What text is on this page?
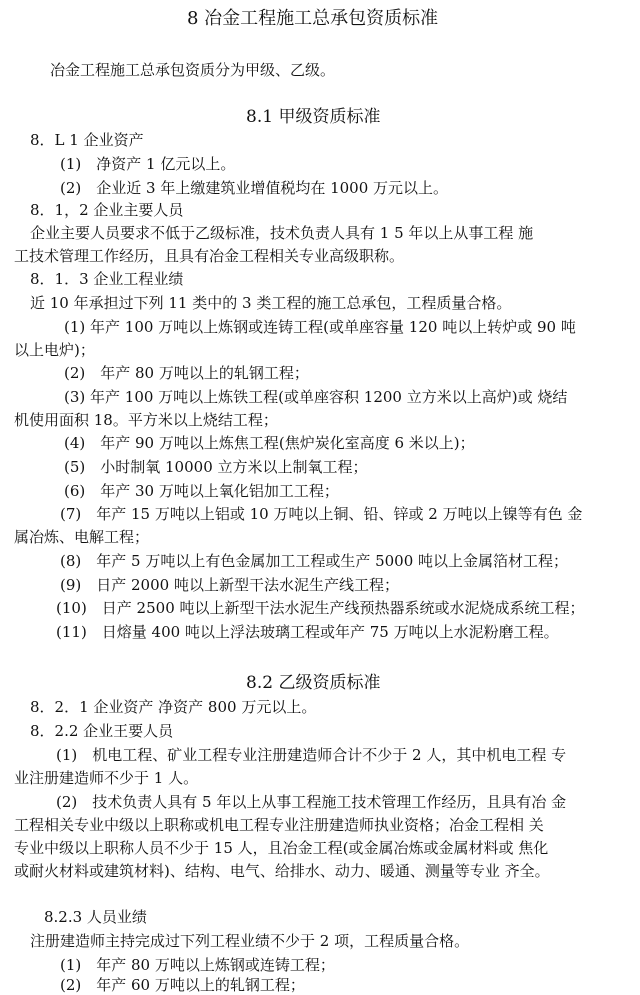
8 冶金工程施工总承包资质标准
冶金工程施工总承包资质分为甲级、乙级。
8.1 甲级资质标准
8．L 1 企业资产
(1)　净资产 1 亿元以上。
(2)　企业近 3 年上缴建筑业增值税均在 1000 万元以上。
8．1，2 企业主要人员
企业主要人员要求不低于乙级标准，技术负责人具有 1 5 年以上从事工程 施
工技术管理工作经历，且具有冶金工程相关专业高级职称。
8．1．3 企业工程业绩
近 10 年承担过下列 11 类中的 3 类工程的施工总承包，工程质量合格。
(1) 年产 100 万吨以上炼钢或连铸工程(或单座容量 120 吨以上转炉或 90 吨
以上电炉)；
(2)　年产 80 万吨以上的轧钢工程；
(3) 年产 100 万吨以上炼铁工程(或单座容积 1200 立方米以上高炉)或 烧结
机使用面积 18。平方米以上烧结工程；
(4)　年产 90 万吨以上炼焦工程(焦炉炭化室高度 6 米以上)；
(5)　小时制氧 10000 立方米以上制氧工程；
(6)　年产 30 万吨以上氧化铝加工工程；
(7)　年产 15 万吨以上铝或 10 万吨以上铜、铅、锌或 2 万吨以上镍等有色 金
属冶炼、电解工程；
(8)　年产 5 万吨以上有色金属加工工程或生产 5000 吨以上金属箔材工程；
(9)　日产 2000 吨以上新型干法水泥生产线工程；
(10)　日产 2500 吨以上新型干法水泥生产线预热器系统或水泥烧成系统工程；
(11)　日熔量 400 吨以上浮法玻璃工程或年产 75 万吨以上水泥粉磨工程。
8.2 乙级资质标准
8．2．1 企业资产 净资产 800 万元以上。
8．2.2 企业王要人员
(1)　机电工程、矿业工程专业注册建造师合计不少于 2 人，其中机电工程 专
业注册建造师不少于 1 人。
(2)　技术负责人具有 5 年以上从事工程施工技术管理工作经历，且具有冶 金
工程相关专业中级以上职称或机电工程专业注册建造师执业资格；冶金工程相 关
专业中级以上职称人员不少于 15 人，且冶金工程(或金属冶炼或金属材料或 焦化
或耐火材料或建筑材料)、结构、电气、给排水、动力、暖通、测量等专业 齐全。
8.2.3 人员业绩
注册建造师主持完成过下列工程业绩不少于 2 项，工程质量合格。
(1)　年产 80 万吨以上炼钢或连铸工程；
(2)　年产 60 万吨以上的轧钢工程；
